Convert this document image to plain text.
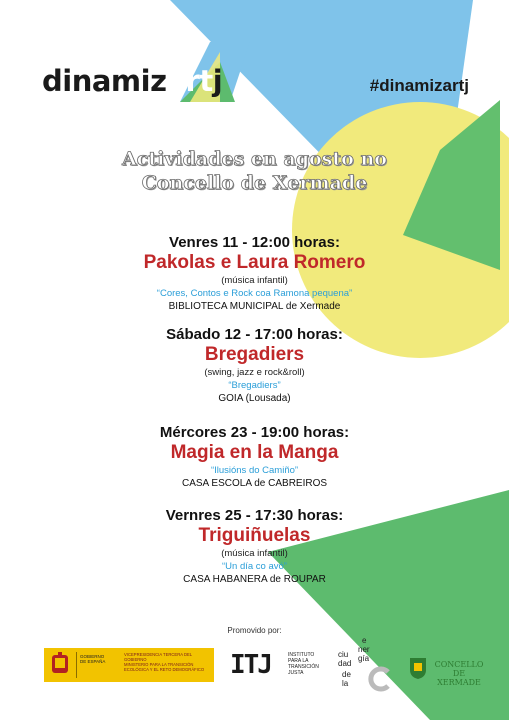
dinamizartj	#dinamizartj
Actividades en agosto no
Concello de Xermade
Venres 11 - 12:00 horas:
Pakolas e Laura Romero
(música infantil)
“Cores, Contos e Rock coa Ramona pequena”
BIBLIOTECA MUNICIPAL de Xermade
Sábado 12 - 17:00 horas:
Bregadiers
(swing, jazz e rock&roll)
“Bregadiers”
GOIA (Lousada)
Mércores 23 - 19:00 horas:
Magia en la Manga
“Ilusións do Camiño”
CASA ESCOLA de CABREIROS
Vernres 25 - 17:30 horas:
Triguiñuelas
(música infantil)
“Un día co avó”
CASA HABANERA de ROUPAR
Promovido por:
GOBIERNO DE ESPAÑA
VICEPRESIDENCIA TERCERA DEL GOBIERNO
MINISTERIO PARA LA TRANSICIÓN ECOLÓGICA Y EL RETO DEMOGRÁFICO ITJ	INSTITUTO PARA LA TRANSICIÓN JUSTA
ciu
dad
de
la
e
ner
gía
CONCELLO DE
XERMADE
